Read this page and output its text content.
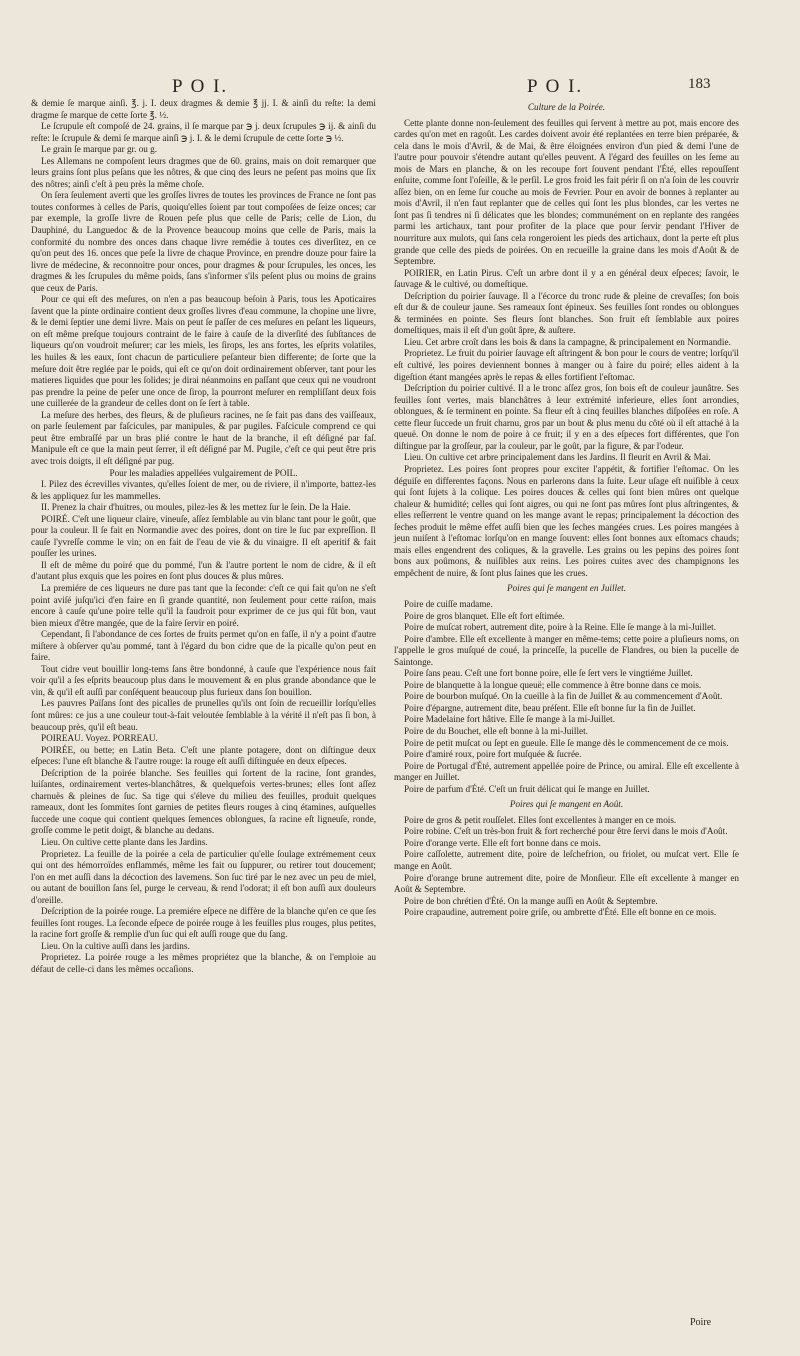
P O I.	P O I.	183

& demie ſe marque ainſi. ℥. j. I. deux dragmes & demie ℥ jj. I. & ainſi du reſte: la demi dragme ſe marque de cette ſorte ℥. ½.

Le ſcrupule eſt compoſé de 24. grains, il ſe marque par ℈ j. deux ſcrupules ℈ ij. & ainſi du reſte: le ſcrupule & demi ſe marque ainſi ℈ j. I. & le demi ſcrupule de cette ſorte ℈ ½.

Le grain ſe marque par gr. ou g.

Les Allemans ne compoſent leurs dragmes que de 60. grains, mais on doit remarquer que leurs grains ſont plus peſans que les nôtres, & que cinq des leurs ne peſent pas moins que ſix des nôtres; ainſi c'eſt à peu près la même choſe.

On ſera ſeulement averti que les groſſes livres de toutes les provinces de France ne ſont pas toutes conformes à celles de Paris, quoiqu'elles ſoient par tout compoſées de ſeize onces; car par exemple, la groſſe livre de Rouen peſe plus que celle de Paris; celle de Lion, du Dauphiné, du Languedoc & de la Provence beaucoup moins que celle de Paris, mais la conformité du nombre des onces dans chaque livre remédie à toutes ces diverſitez, en ce qu'on peut des 16. onces que peſe la livre de chaque Province, en prendre douze pour faire la livre de médecine, & reconnoitre pour onces, pour dragmes & pour ſcrupules, les onces, les dragmes & les ſcrupules du même poids, ſans s'informer s'ils peſent plus ou moins de grains que ceux de Paris.

Pour ce qui eſt des meſures, on n'en a pas beaucoup beſoin à Paris, tous les Apoticaires ſavent que la pinte ordinaire contient deux groſſes livres d'eau commune, la chopine une livre, & le demi ſeptier une demi livre. Mais on peut ſe paſſer de ces meſures en peſant les liqueurs, on eſt même preſque toujours contraint de le faire à cauſe de la diverſité des ſubſtances de liqueurs qu'on voudroit meſurer; car les miels, les ſirops, les ans fortes, les eſprits volatiles, les huiles & les eaux, ſont chacun de particuliere peſanteur bien differente; de ſorte que la meſure doit être reglée par le poids, qui eſt ce qu'on doit ordinairement obſerver, tant pour les matieres liquides que pour les ſolides; je dirai néanmoins en paſſant que ceux qui ne voudront pas prendre la peine de peſer une once de ſirop, la pourront meſurer en rempliſſant deux fois une cuillerée de la grandeur de celles dont on ſe ſert à table.

La meſure des herbes, des fleurs, & de pluſieurs racines, ne ſe fait pas dans des vaiſſeaux, on parle ſeulement par faſcicules, par manipules, & par pugiles. Faſcicule comprend ce qui peut être embraſſé par un bras plié contre le haut de la branche, il eſt déſigné par faſ. Manipule eſt ce que la main peut ſerrer, il eſt déſigné par M. Pugile, c'eſt ce qui peut être pris avec trois doigts, il eſt déſigné par pug.

Pour les maladies appellées vulgairement de POIL.

I. Pilez des écrevilles vivantes, qu'elles ſoient de mer, ou de riviere, il n'importe, battez-les & les appliquez ſur les mammelles.

II. Prenez la chair d'huitres, ou moules, pilez-les & les mettez ſur le ſein. De la Haie.

POIRÉ. C'eſt une liqueur claire, vineuſe, aſſez ſemblable au vin blanc tant pour le goût, que pour la couleur. Il ſe fait en Normandie avec des poires, dont on tire le ſuc par expreſſion. Il cauſe l'yvreſſe comme le vin; on en fait de l'eau de vie & du vinaigre. Il eſt aperitif & fait pouſſer les urines.

Il eſt de même du poiré que du pommé, l'un & l'autre portent le nom de cidre, & il eſt d'autant plus exquis que les poires en ſont plus douces & plus mûres.

La premiére de ces liqueurs ne dure pas tant que la ſeconde: c'eſt ce qui fait qu'on ne s'eſt point aviſé juſqu'ici d'en faire en ſi grande quantité, non ſeulement pour cette raiſon, mais encore à cauſe qu'une poire telle qu'il la faudroit pour exprimer de ce jus qui fût bon, vaut bien mieux d'être mangée, que de la faire ſervir en poiré.

Cependant, ſi l'abondance de ces ſortes de fruits permet qu'on en faſſe, il n'y a point d'autre miſtere à obſerver qu'au pommé, tant à l'égard du bon cidre que de la picalle qu'on peut en faire.

Tout cidre veut bouillir long-tems ſans être bondonné, à cauſe que l'expérience nous fait voir qu'il a ſes eſprits beaucoup plus dans le mouvement & en plus grande abondance que le vin, & qu'il eſt auſſi par conſéquent beaucoup plus furieux dans ſon bouillon.

Les pauvres Païſans ſont des picalles de prunelles qu'ils ont ſoin de recueillir lorſqu'elles ſont mûres: ce jus a une couleur tout-à-fait veloutée ſemblable à la vérité il n'eſt pas ſi bon, à beaucoup près, qu'il eſt beau.

POIREAU. Voyez. PORREAU.

POIRÉE, ou bette; en Latin Beta. C'eſt une plante potagere, dont on diſtingue deux eſpeces: l'une eſt blanche & l'autre rouge: la rouge eſt auſſi diſtinguée en deux eſpeces.

Deſcription de la poirée blanche. Ses feuilles qui ſortent de la racine, ſont grandes, luiſantes, ordinairement vertes-blanchâtres, & quelquefois vertes-brunes; elles ſont aſſez charnuës & pleines de ſuc. Sa tige qui s'éleve du milieu des feuilles, produit quelques rameaux, dont les ſommites ſont garnies de petites fleurs rouges à cinq étamines, auſquelles ſuccede une coque qui contient quelques ſemences oblongues, ſa racine eſt ligneuſe, ronde, groſſe comme le petit doigt, & blanche au dedans.

Lieu. On cultive cette plante dans les Jardins.

Proprietez. La feuille de la poirée a cela de particulier qu'elle ſoulage extrémement ceux qui ont des hémorroïdes enflammés, même les fait ou ſuppurer, ou retirer tout doucement; l'on en met auſſi dans la décoction des lavemens. Son ſuc tiré par le nez avec un peu de miel, ou autant de bouillon ſans ſel, purge le cerveau, & rend l'odorat; il eſt bon auſſi aux douleurs d'oreille.

Deſcription de la poirée rouge. La premiére eſpece ne diffère de la blanche qu'en ce que ſes feuilles ſont rouges. La ſeconde eſpece de poirée rouge à les feuilles plus rouges, plus petites, la racine fort groſſe & remplie d'un ſuc qui eſt auſſi rouge que du ſang.

Lieu. On la cultive auſſi dans les jardins.

Proprietez. La poirée rouge a les mêmes propriétez que la blanche, & on l'emploie au défaut de celle-ci dans les mêmes occaſions.

Culture de la Poirée.

Cette plante donne non-ſeulement des feuilles qui ſervent à mettre au pot, mais encore des cardes qu'on met en ragoût. Les cardes doivent avoir été replantées en terre bien préparée, & cela dans le mois d'Avril, & de Mai, & être éloignées environ d'un pied & demi l'une de l'autre pour pouvoir s'étendre autant qu'elles peuvent. A l'égard des feuilles on les ſeme au mois de Mars en planche, & on les recoupe fort ſouvent pendant l'Été, elles repouſſent enſuite, comme ſont l'oſeille, & le perſil. Le gros froid les fait périr ſi on n'a ſoin de les couvrir aſſez bien, on en ſeme ſur couche au mois de Fevrier. Pour en avoir de bonnes à replanter au mois d'Avril, il n'en faut replanter que de celles qui ſont les plus blondes, car les vertes ne ſont pas ſi tendres ni ſi délicates que les blondes; communément on en replante des rangées parmi les artichaux, tant pour profiter de la place que pour ſervir pendant l'Hiver de nourriture aux mulots, qui ſans cela rongeroient les pieds des artichaux, dont la perte eſt plus grande que celle des pieds de poirées. On en recueille la graine dans les mois d'Août & de Septembre.

POIRIER, en Latin Pirus. C'eſt un arbre dont il y a en général deux eſpeces; ſavoir, le ſauvage & le cultivé, ou domeſtique.

Deſcription du poirier ſauvage. Il a l'écorce du tronc rude & pleine de crevaſſes; ſon bois eſt dur & de couleur jaune. Ses rameaux ſont épineux. Ses feuilles ſont rondes ou oblongues & terminées en pointe. Ses fleurs ſont blanches. Son fruit eſt ſemblable aux poires domeſtiques, mais il eſt d'un goût âpre, & auſtere.

Lieu. Cet arbre croît dans les bois & dans la campagne, & principalement en Normandie.

Proprietez. Le fruit du poirier ſauvage eſt aſtringent & bon pour le cours de ventre; lorſqu'il eſt cultivé, les poires deviennent bonnes à manger ou à faire du poiré; elles aident à la digeſtion étant mangées après le repas & elles fortifient l'eſtomac.

Deſcription du poirier cultivé. Il a le tronc aſſez gros, ſon bois eſt de couleur jaunâtre. Ses feuilles ſont vertes, mais blanchâtres à leur extrémité inferieure, elles ſont arrondies, oblongues, & ſe terminent en pointe. Sa fleur eſt à cinq feuilles blanches diſpoſées en roſe. A cette fleur ſuccede un fruit charnu, gros par un bout & plus menu du côté où il eſt attaché à la queuë. On donne le nom de poire à ce fruit; il y en a des eſpeces fort différentes, que l'on diſtingue par la groſſeur, par la couleur, par le goût, par la figure, & par l'odeur.

Lieu. On cultive cet arbre principalement dans les Jardins. Il fleurit en Avril & Mai.

Proprietez. Les poires ſont propres pour exciter l'appétit, & fortifier l'eſtomac. On les déguiſe en differentes façons. Nous en parlerons dans la ſuite. Leur uſage eſt nuiſible à ceux qui ſont ſujets à la colique. Les poires douces & celles qui ſont bien mûres ont quelque chaleur & humidité; celles qui ſont aigres, ou qui ne ſont pas mûres ſont plus aſtringentes, & elles reſſerrent le ventre quand on les mange avant le repas; principalement la décoction des ſeches produit le même effet auſſi bien que les ſeches mangées crues. Les poires mangées à jeun nuiſent à l'eſtomac lorſqu'on en mange ſouvent: elles ſont bonnes aux eſtomacs chauds; mais elles engendrent des coliques, & la gravelle. Les grains ou les pepins des poires ſont bons aux poûmons, & nuiſibles aux reins. Les poires cuites avec des champignons les empêchent de nuire, & ſont plus ſaines que les crues.

Poires qui ſe mangent en Juillet.

Poire de cuiſſe madame.

Poire de gros blanquet. Elle eſt fort eſtimée.

Poire de muſcat robert, autrement dite, poire à la Reine. Elle ſe mange à la mi-Juillet.

Poire d'ambre. Elle eſt excellente à manger en même-tems; cette poire a pluſieurs noms, on l'appelle le gros muſqué de coué, la princeſſe, la pucelle de Flandres, ou bien la pucelle de Saintonge.

Poire ſans peau. C'eſt une fort bonne poire, elle ſe ſert vers le vingtiéme Juillet.

Poire de blanquette à la longue queuë; elle commence à être bonne dans ce mois.

Poire de bourbon muſqué. On la cueille à la fin de Juillet & au commencement d'Août.

Poire d'épargne, autrement dite, beau préſent. Elle eſt bonne ſur la fin de Juillet.

Poire Madelaine fort hâtive. Elle ſe mange à la mi-Juillet.

Poire de du Bouchet, elle eſt bonne à la mi-Juillet.

Poire de petit muſcat ou ſept en gueule. Elle ſe mange dès le commencement de ce mois.

Poire d'amiré roux, poire fort muſquée & ſucrée.

Poire de Portugal d'Été, autrement appellée poire de Prince, ou amiral. Elle eſt excellente à manger en Juillet.

Poire de parfum d'Été. C'eſt un fruit délicat qui ſe mange en Juillet.

Poires qui ſe mangent en Août.

Poire de gros & petit rouſſelet. Elles ſont excellentes à manger en ce mois.

Poire robine. C'eſt un très-bon fruit & fort recherché pour être ſervi dans le mois d'Août.

Poire d'orange verte. Elle eſt fort bonne dans ce mois.

Poire caſſolette, autrement dite, poire de leſchefrion, ou friolet, ou muſcat vert. Elle ſe mange en Août.

Poire d'orange brune autrement dite, poire de Monſieur. Elle eſt excellente à manger en Août & Septembre.

Poire de bon chrétien d'Été. On la mange auſſi en Août & Septembre.

Poire crapaudine, autrement poire griſe, ou ambrette d'Été. Elle eſt bonne en ce mois.

Poire
